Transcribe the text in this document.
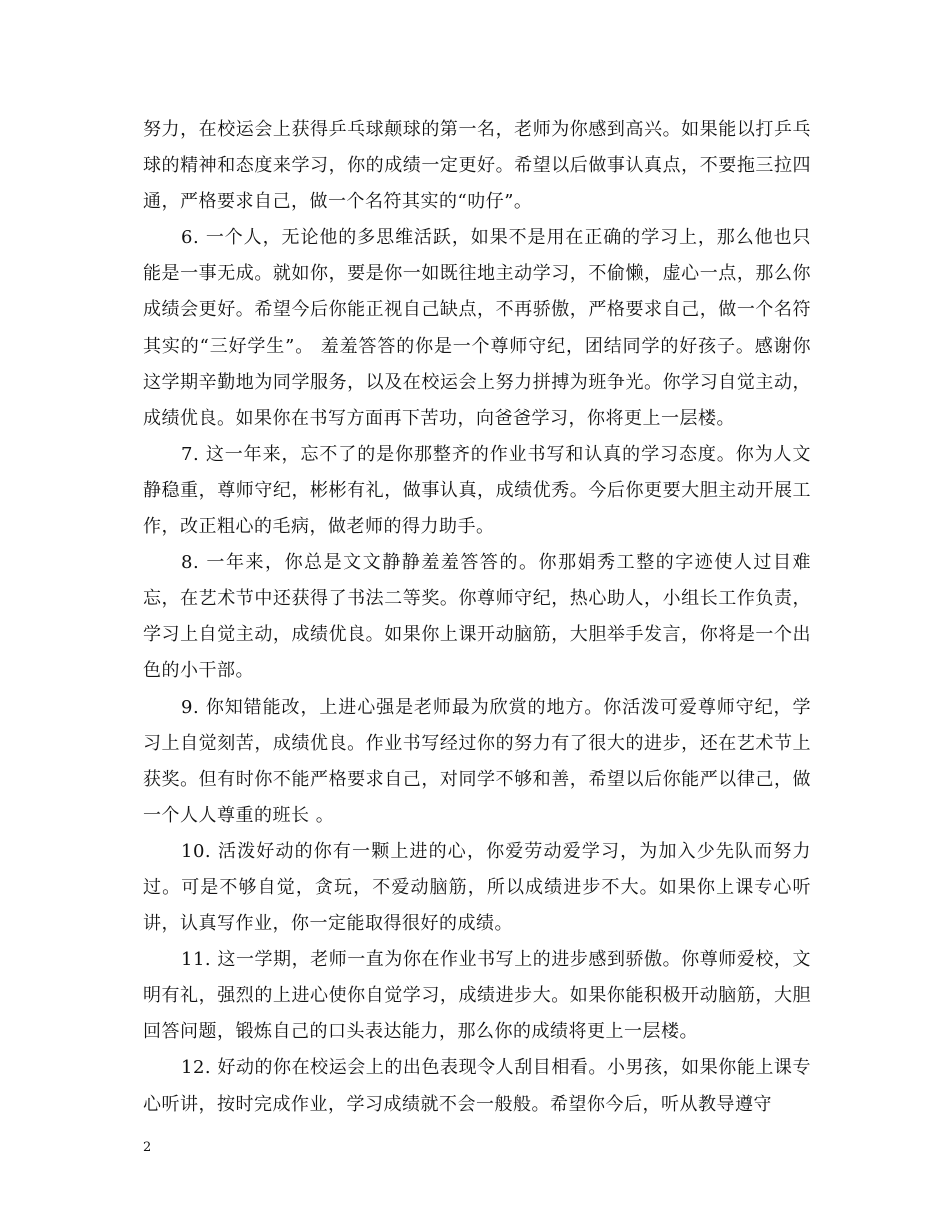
努力，在校运会上获得乒乓球颠球的第一名，老师为你感到高兴。如果能以打乒乓球的精神和态度来学习，你的成绩一定更好。希望以后做事认真点，不要拖三拉四通，严格要求自己，做一个名符其实的“叻仔”。

6. 一个人，无论他的多思维活跃，如果不是用在正确的学习上，那么他也只能是一事无成。就如你，要是你一如既往地主动学习，不偷懒，虚心一点，那么你成绩会更好。希望今后你能正视自己缺点，不再骄傲，严格要求自己，做一个名符其实的“三好学生”。 羞羞答答的你是一个尊师守纪，团结同学的好孩子。感谢你这学期辛勤地为同学服务，以及在校运会上努力拼搏为班争光。你学习自觉主动，成绩优良。如果你在书写方面再下苦功，向爸爸学习，你将更上一层楼。

7. 这一年来，忘不了的是你那整齐的作业书写和认真的学习态度。你为人文静稳重，尊师守纪，彬彬有礼，做事认真，成绩优秀。今后你更要大胆主动开展工作，改正粗心的毛病，做老师的得力助手。

8. 一年来，你总是文文静静羞羞答答的。你那娟秀工整的字迹使人过目难忘，在艺术节中还获得了书法二等奖。你尊师守纪，热心助人，小组长工作负责，学习上自觉主动，成绩优良。如果你上课开动脑筋，大胆举手发言，你将是一个出色的小干部。

9. 你知错能改，上进心强是老师最为欣赏的地方。你活泼可爱尊师守纪，学习上自觉刻苦，成绩优良。作业书写经过你的努力有了很大的进步，还在艺术节上获奖。但有时你不能严格要求自己，对同学不够和善，希望以后你能严以律己，做一个人人尊重的班长 。

10. 活泼好动的你有一颗上进的心，你爱劳动爱学习，为加入少先队而努力过。可是不够自觉，贪玩，不爱动脑筋，所以成绩进步不大。如果你上课专心听讲，认真写作业，你一定能取得很好的成绩。

11. 这一学期，老师一直为你在作业书写上的进步感到骄傲。你尊师爱校，文明有礼，强烈的上进心使你自觉学习，成绩进步大。如果你能积极开动脑筋，大胆回答问题，锻炼自己的口头表达能力，那么你的成绩将更上一层楼。

12. 好动的你在校运会上的出色表现令人刮目相看。小男孩，如果你能上课专心听讲，按时完成作业，学习成绩就不会一般般。希望你今后，听从教导遵守

2
